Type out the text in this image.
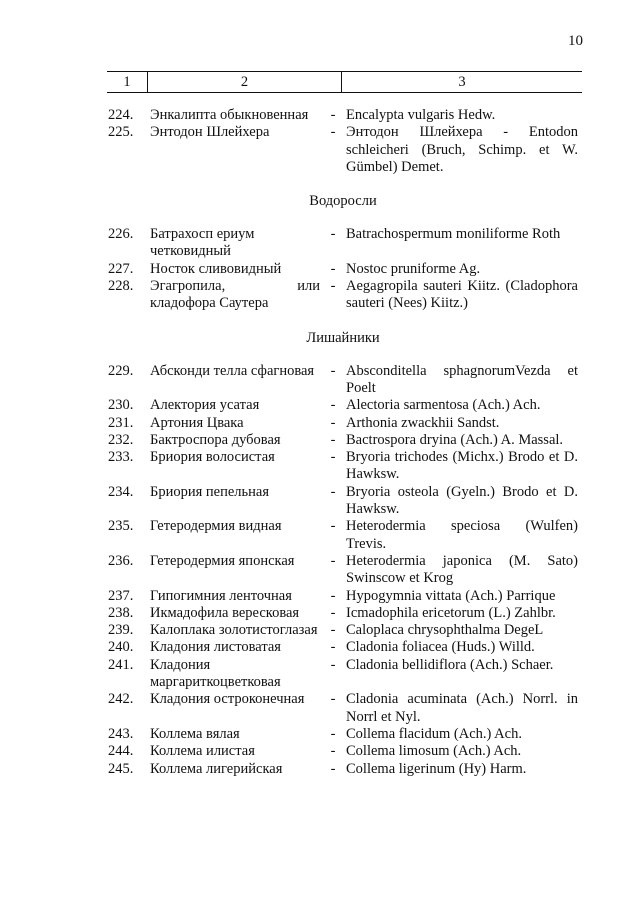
10
1	2	3
224.	Энкалипта обыкновенная	- Encalypta vulgaris Hedw.
225.	Энтодон Шлейхера	- Энтодон Шлейхера - Entodon schleicheri (Bruch, Schimp. et W. Gümbel) Demet.
Водоросли
226.	Батрахосп ериум четковидный
- Batrachospermum moniliforme Roth
227.	Носток сливовидный	- Nostoc pruniforme Ag.
228.	Эгагропила, или кладофора Саутера
- Aegagropila sauteri Kiitz. (Cladophora sauteri (Nees) Kiitz.)
Лишайники
229.	Абсконди телла сфагновая	- Absconditella sphagnorumVezda et Poelt
230.	Алектория усатая	- Alectoria sarmentosa (Ach.) Ach.
231.	Артония Цвака	- Arthonia zwackhii Sandst.
232.	Бактроспора дубовая	- Bactrospora dryina (Ach.) A. Massal.
233.	Бриория волосистая	- Bryoria trichodes (Michx.) Brodo et D. Hawksw.
234.	Бриория пепельная	- Bryoria osteola (Gyeln.) Brodo et D. Hawksw.
235.	Гетеродермия видная	- Heterodermia speciosa (Wulfen) Trevis.
236.	Гетеродермия японская	- Heterodermia japonica (M. Sato) Swinscow et Krog
237.	Гипогимния ленточная	- Hypogymnia vittata (Ach.) Parrique
238.	Икмадофила вересковая	- Icmadophila ericetorum (L.) Zahlbr.
239.	Калоплака золотистоглазая - Caloplaca chrysophthalma DegeL
240.	Кладония листоватая	- Cladonia foliacea (Huds.) Willd.
241.	Кладония маргариткоцветковая
- Cladonia bellidiflora (Ach.) Schaer.
242.	Кладония остроконечная	- Cladonia acuminata (Ach.) Norrl. in Norrl et Nyl.
243.	Коллема вялая	- Collema flacidum (Ach.) Ach.
244.	Коллема илистая	- Collema limosum (Ach.) Ach.
245.	Коллема лигерийская	- Collema ligerinum (Hy) Harm.
